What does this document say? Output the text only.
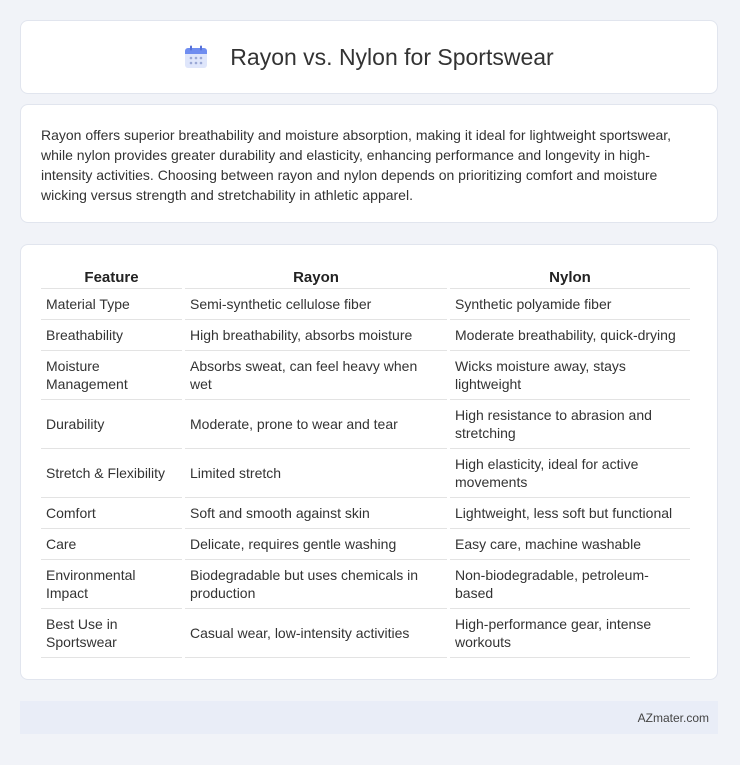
Rayon vs. Nylon for Sportswear

Rayon offers superior breathability and moisture absorption, making it ideal for lightweight sportswear, while nylon provides greater durability and elasticity, enhancing performance and longevity in high-intensity activities. Choosing between rayon and nylon depends on prioritizing comfort and moisture wicking versus strength and stretchability in athletic apparel.

Feature	Rayon	Nylon
Material Type	Semi-synthetic cellulose fiber	Synthetic polyamide fiber
Breathability	High breathability, absorbs moisture	Moderate breathability, quick-drying
Moisture Management	Absorbs sweat, can feel heavy when wet	Wicks moisture away, stays lightweight
Durability	Moderate, prone to wear and tear	High resistance to abrasion and stretching
Stretch & Flexibility	Limited stretch	High elasticity, ideal for active movements
Comfort	Soft and smooth against skin	Lightweight, less soft but functional
Care	Delicate, requires gentle washing	Easy care, machine washable
Environmental Impact	Biodegradable but uses chemicals in production	Non-biodegradable, petroleum-based
Best Use in Sportswear	Casual wear, low-intensity activities	High-performance gear, intense workouts
AZmater.com
